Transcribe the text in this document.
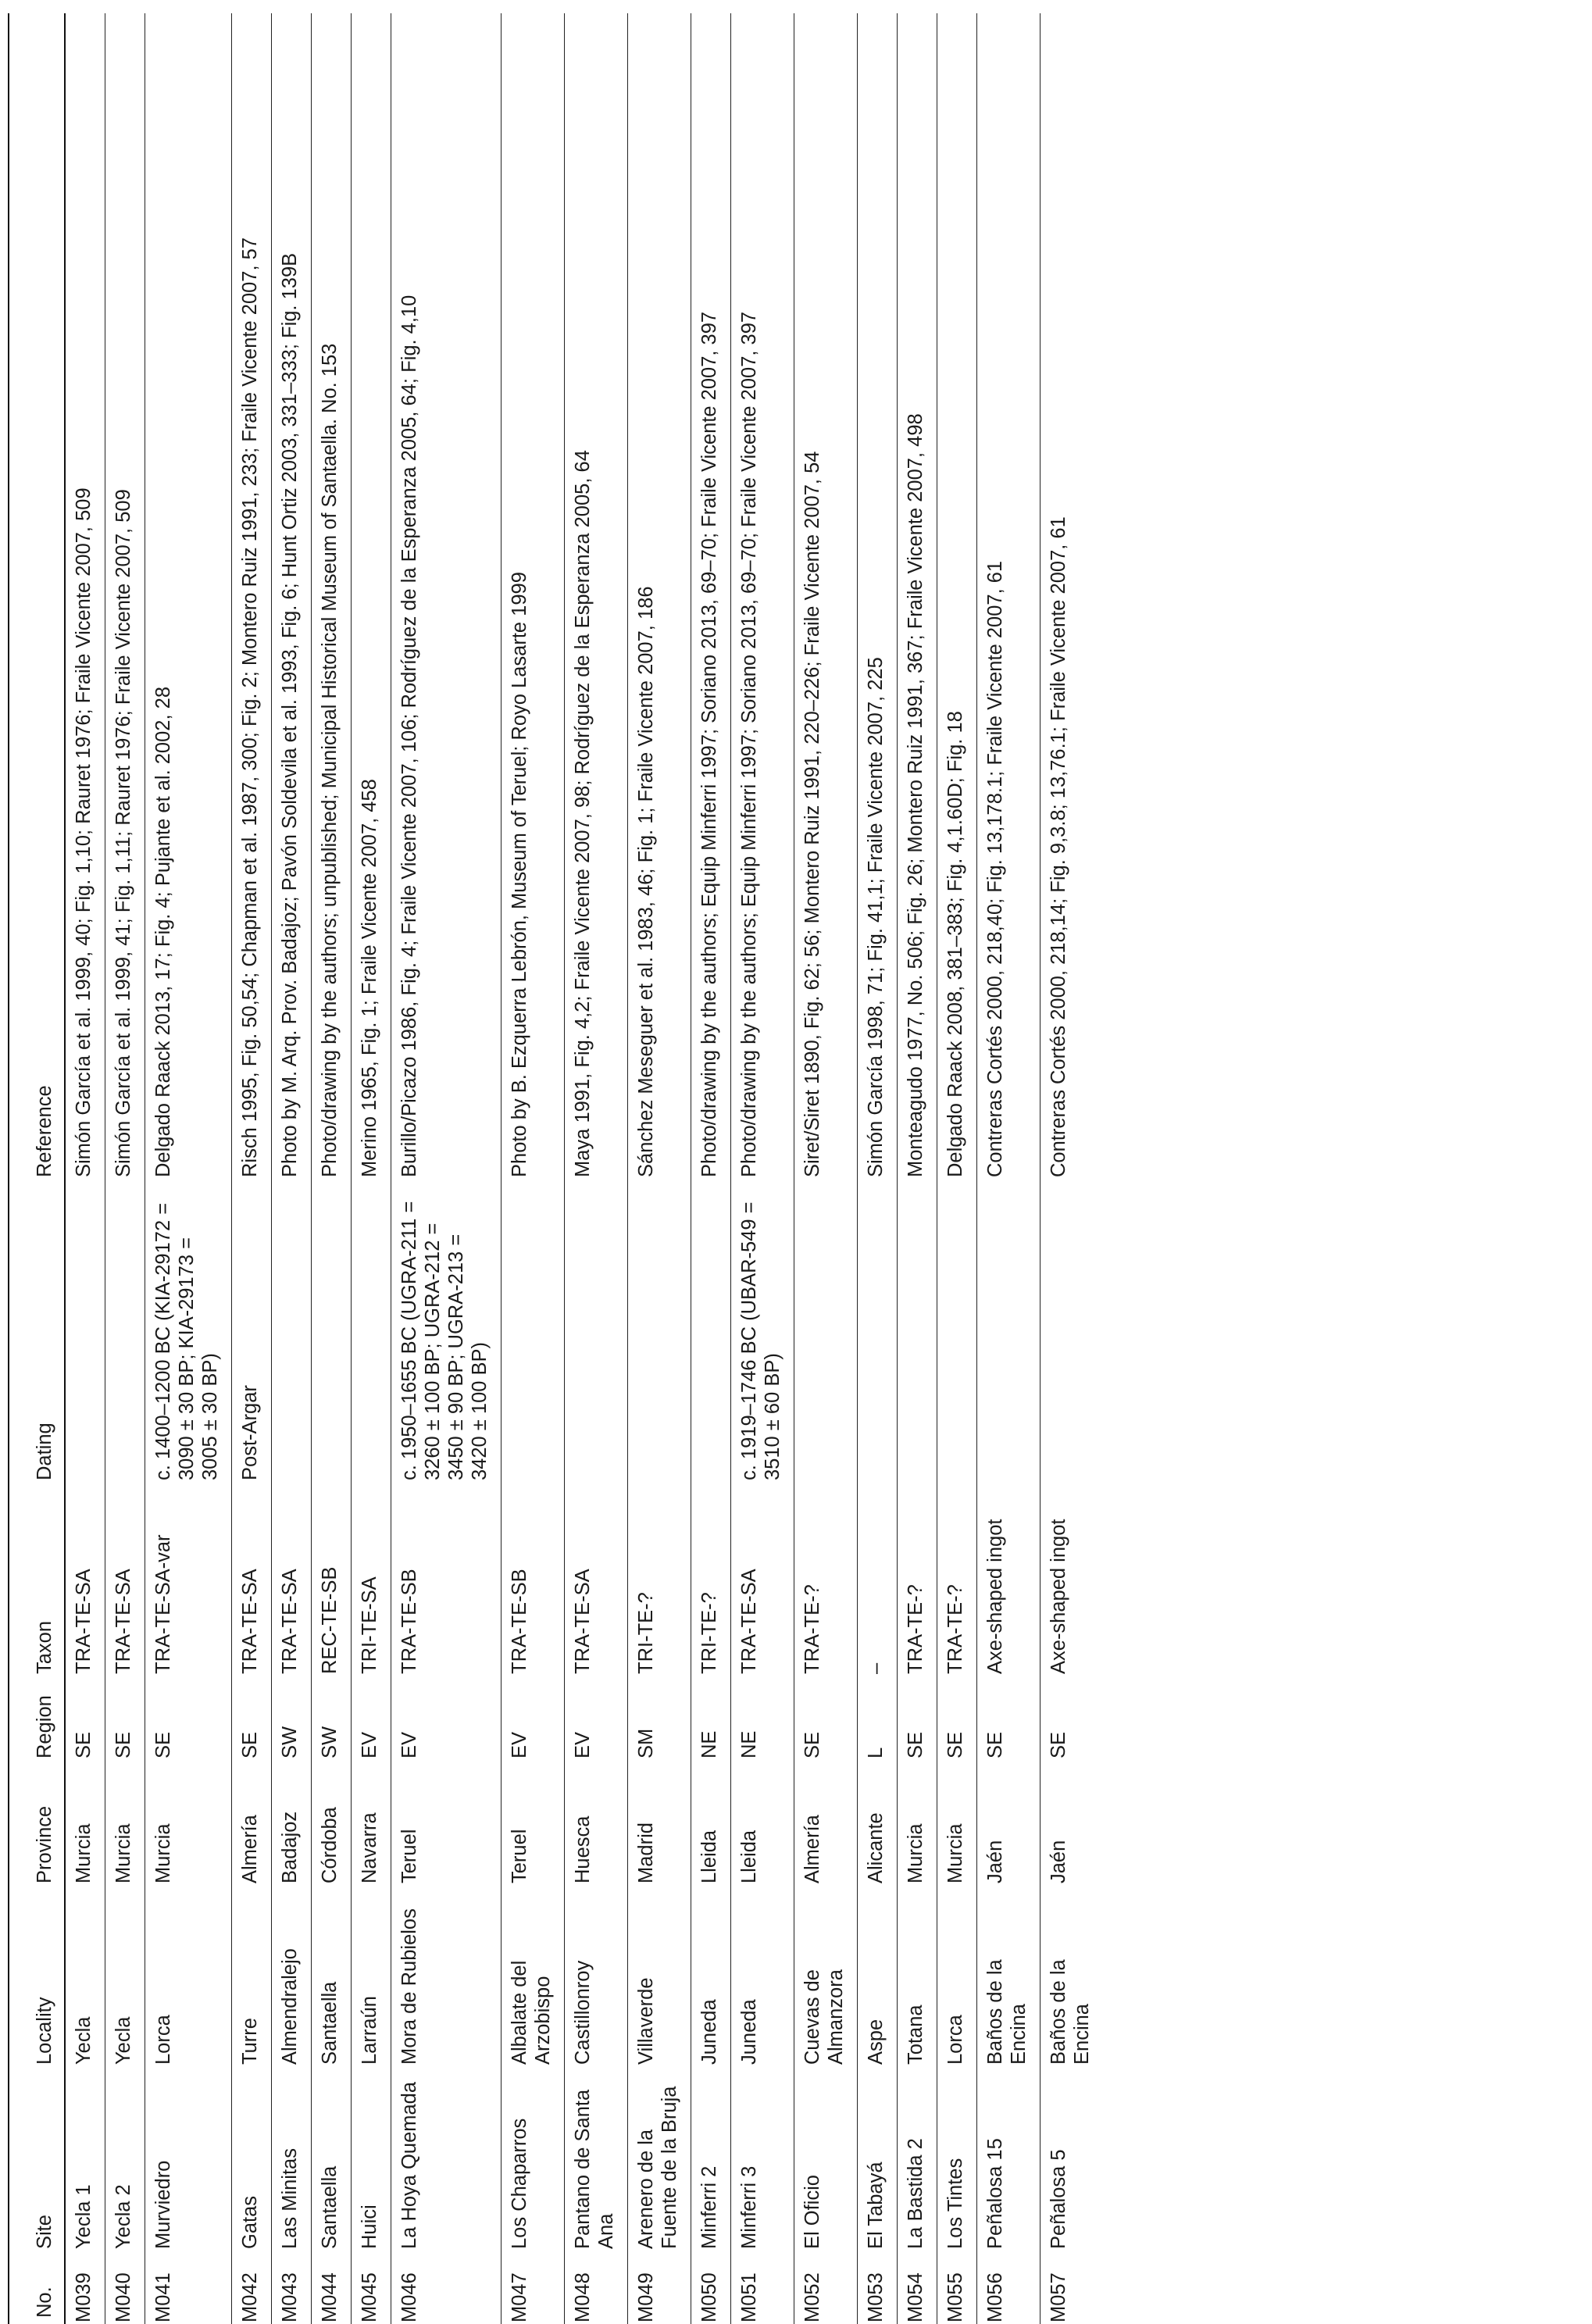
No.	Site	Locality	Province	Region	Taxon	Dating	Reference
M039	Yecla 1	Yecla	Murcia	SE	TRA-TE-SA		Simón García et al. 1999, 40; Fig. 1,10; Rauret 1976; Fraile Vicente 2007, 509
M040	Yecla 2	Yecla	Murcia	SE	TRA-TE-SA		Simón García et al. 1999, 41; Fig. 1,11; Rauret 1976; Fraile Vicente 2007, 509
M041	Murviedro	Lorca	Murcia	SE	TRA-TE-SA-var	c. 1400–1200 BC (KIA-29172 = 3090 ± 30 BP; KIA-29173 = 3005 ± 30 BP)	Delgado Raack 2013, 17; Fig. 4; Pujante et al. 2002, 28
M042	Gatas	Turre	Almería	SE	TRA-TE-SA	Post-Argar	Risch 1995, Fig. 50,54; Chapman et al. 1987, 300; Fig. 2; Montero Ruiz 1991, 233; Fraile Vicente 2007, 57
M043	Las Minitas	Almendralejo	Badajoz	SW	TRA-TE-SA		Photo by M. Arq. Prov. Badajoz; Pavón Soldevila et al. 1993, Fig. 6; Hunt Ortiz 2003, 331–333; Fig. 139B
M044	Santaella	Santaella	Córdoba	SW	REC-TE-SB		Photo/drawing by the authors; unpublished; Municipal Historical Museum of Santaella. No. 153
M045	Huici	Larraún	Navarra	EV	TRI-TE-SA		Merino 1965, Fig. 1; Fraile Vicente 2007, 458
M046	La Hoya Quemada	Mora de Rubielos	Teruel	EV	TRA-TE-SB	c. 1950–1655 BC (UGRA-211 = 3260 ± 100 BP; UGRA-212 = 3450 ± 90 BP; UGRA-213 = 3420 ± 100 BP)	Burillo/Picazo 1986, Fig. 4; Fraile Vicente 2007, 106; Rodríguez de la Esperanza 2005, 64; Fig. 4,10
M047	Los Chaparros	Albalate del Arzobispo	Teruel	EV	TRA-TE-SB		Photo by B. Ezquerra Lebrón, Museum of Teruel; Royo Lasarte 1999
M048	Pantano de Santa Ana	Castillonroy	Huesca	EV	TRA-TE-SA		Maya 1991, Fig. 4,2; Fraile Vicente 2007, 98; Rodríguez de la Esperanza 2005, 64
M049	Arenero de la Fuente de la Bruja	Villaverde	Madrid	SM	TRI-TE-?		Sánchez Meseguer et al. 1983, 46; Fig. 1; Fraile Vicente 2007, 186
M050	Minferri 2	Juneda	Lleida	NE	TRI-TE-?		Photo/drawing by the authors; Equip Minferri 1997; Soriano 2013, 69–70; Fraile Vicente 2007, 397
M051	Minferri 3	Juneda	Lleida	NE	TRA-TE-SA	c. 1919–1746 BC (UBAR-549 = 3510 ± 60 BP)	Photo/drawing by the authors; Equip Minferri 1997; Soriano 2013, 69–70; Fraile Vicente 2007, 397
M052	El Oficio	Cuevas de Almanzora	Almería	SE	TRA-TE-?		Siret/Siret 1890, Fig. 62; 56; Montero Ruiz 1991, 220–226; Fraile Vicente 2007, 54
M053	El Tabayá	Aspe	Alicante	L	–		Simón García 1998, 71; Fig. 41,1; Fraile Vicente 2007, 225
M054	La Bastida 2	Totana	Murcia	SE	TRA-TE-?		Monteagudo 1977, No. 506; Fig. 26; Montero Ruiz 1991, 367; Fraile Vicente 2007, 498
M055	Los Tintes	Lorca	Murcia	SE	TRA-TE-?		Delgado Raack 2008, 381–383; Fig. 4,1.60D; Fig. 18
M056	Peñalosa 15	Baños de la Encina	Jaén	SE	Axe-shaped ingot		Contreras Cortés 2000, 218,40; Fig. 13,178.1; Fraile Vicente 2007, 61
M057	Peñalosa 5	Baños de la Encina	Jaén	SE	Axe-shaped ingot		Contreras Cortés 2000, 218,14; Fig. 9,3.8; 13,76.1; Fraile Vicente 2007, 61
